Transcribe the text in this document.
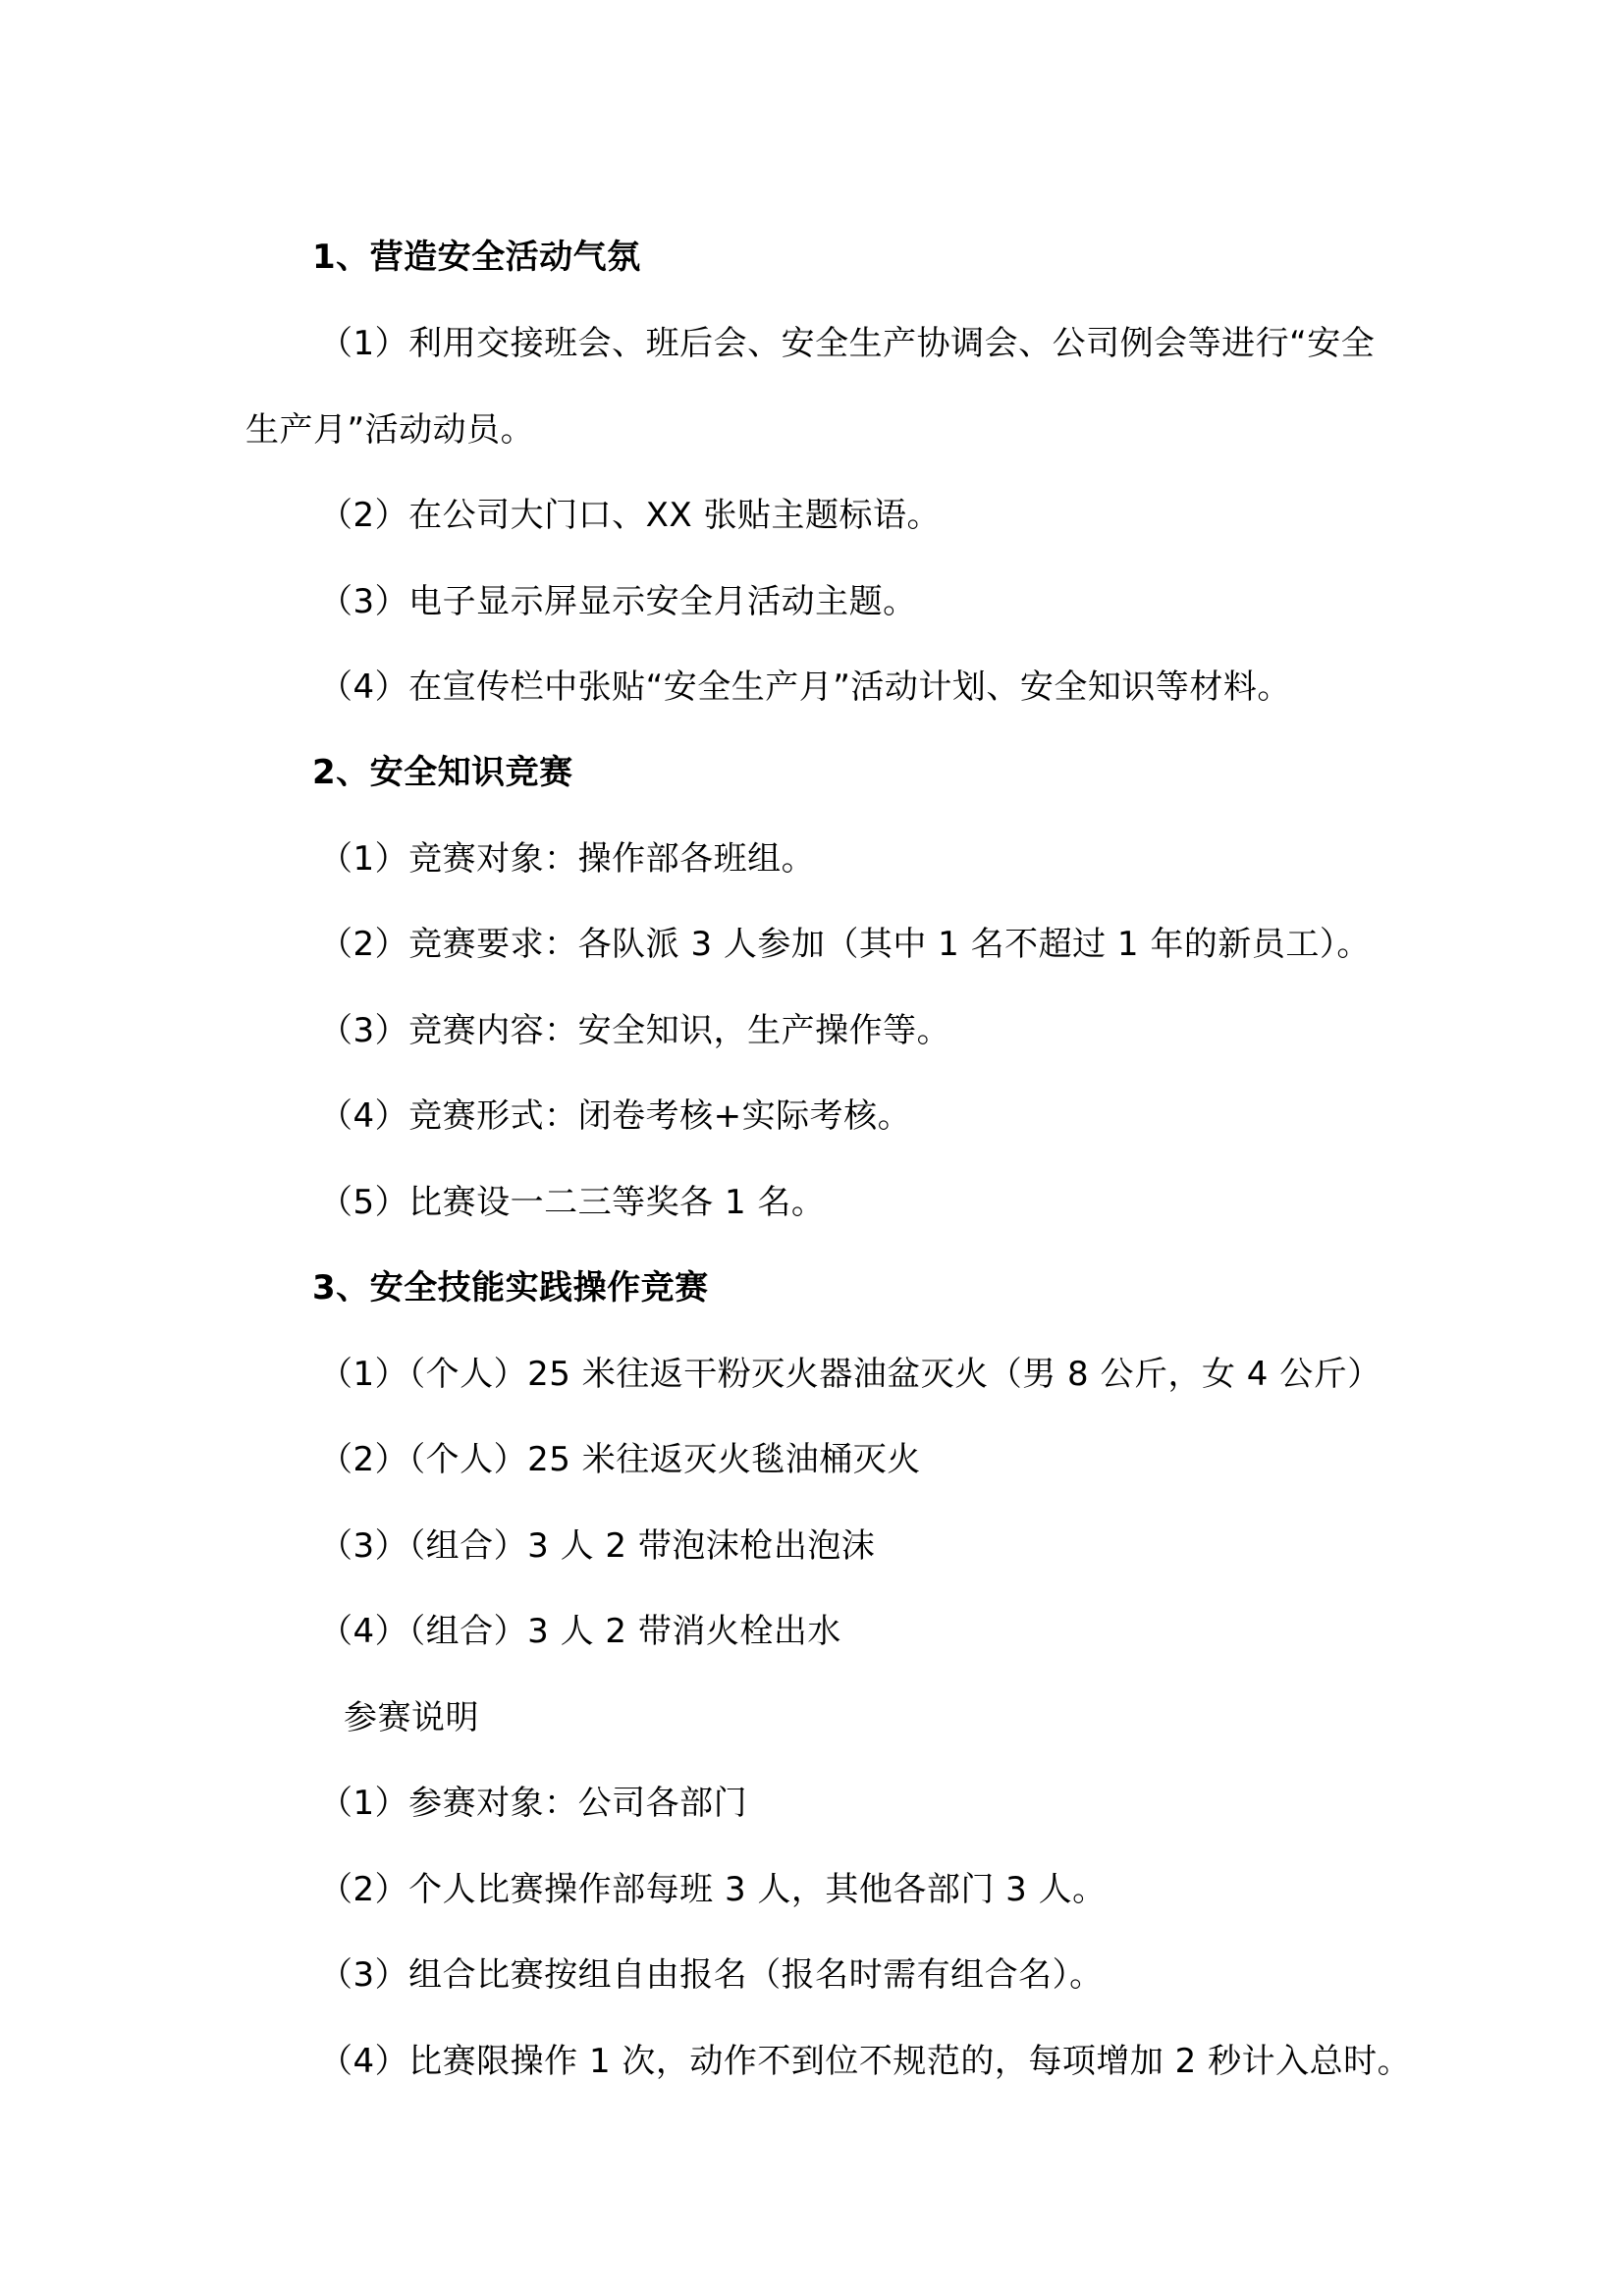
1、营造安全活动气氛
（1）利用交接班会、班后会、安全生产协调会、公司例会等进行“安全
生产月”活动动员。
（2）在公司大门口、XX 张贴主题标语。
（3）电子显示屏显示安全月活动主题。
（4）在宣传栏中张贴“安全生产月”活动计划、安全知识等材料。
2、安全知识竞赛
（1）竞赛对象：操作部各班组。
（2）竞赛要求：各队派 3 人参加（其中 1 名不超过 1 年的新员工）。
（3）竞赛内容：安全知识，生产操作等。
（4）竞赛形式：闭卷考核+实际考核。
（5）比赛设一二三等奖各 1 名。
3、安全技能实践操作竞赛
（1）（个人）25 米往返干粉灭火器油盆灭火（男 8 公斤，女 4 公斤）
（2）（个人）25 米往返灭火毯油桶灭火
（3）（组合）3 人 2 带泡沫枪出泡沫
（4）（组合）3 人 2 带消火栓出水
参赛说明
（1）参赛对象：公司各部门
（2）个人比赛操作部每班 3 人，其他各部门 3 人。
（3）组合比赛按组自由报名（报名时需有组合名）。
（4）比赛限操作 1 次，动作不到位不规范的，每项增加 2 秒计入总时。
